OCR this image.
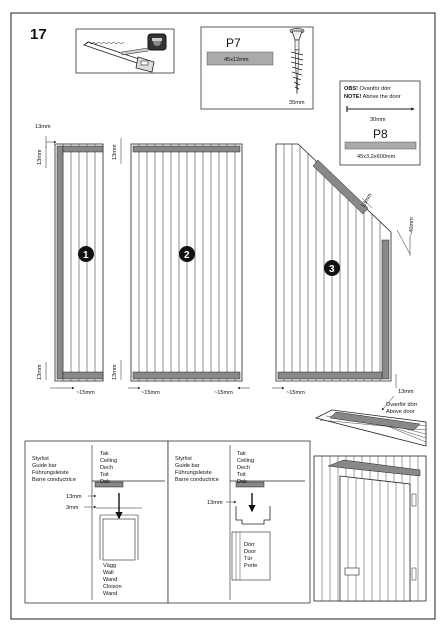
17	P7
45x12mm
35mm
OBS! Ovanför dörr
NOTE! Above the door
30mm
P8
45x3.2x600mm
1
13mm
13mm
13mm
~15mm
2
13mm
13mm
~15mm	~15mm
3
13mm
~40mm
~15mm	13mm
Ovanför dörr
Above door
Styrlist
Guide bar
Führungsleiste
Barre conductrice
Tak
Ceiling
Dech
Toit
Dak
13mm
3mm
Vägg
Wall
Wand
Cloison
Wand
Styrlist
Guide bar
Führungsleiste
Barre conductrice
Tak
Ceiling
Dech
Toit
Dak
13mm
Dörr
Door
Tür
Porte
